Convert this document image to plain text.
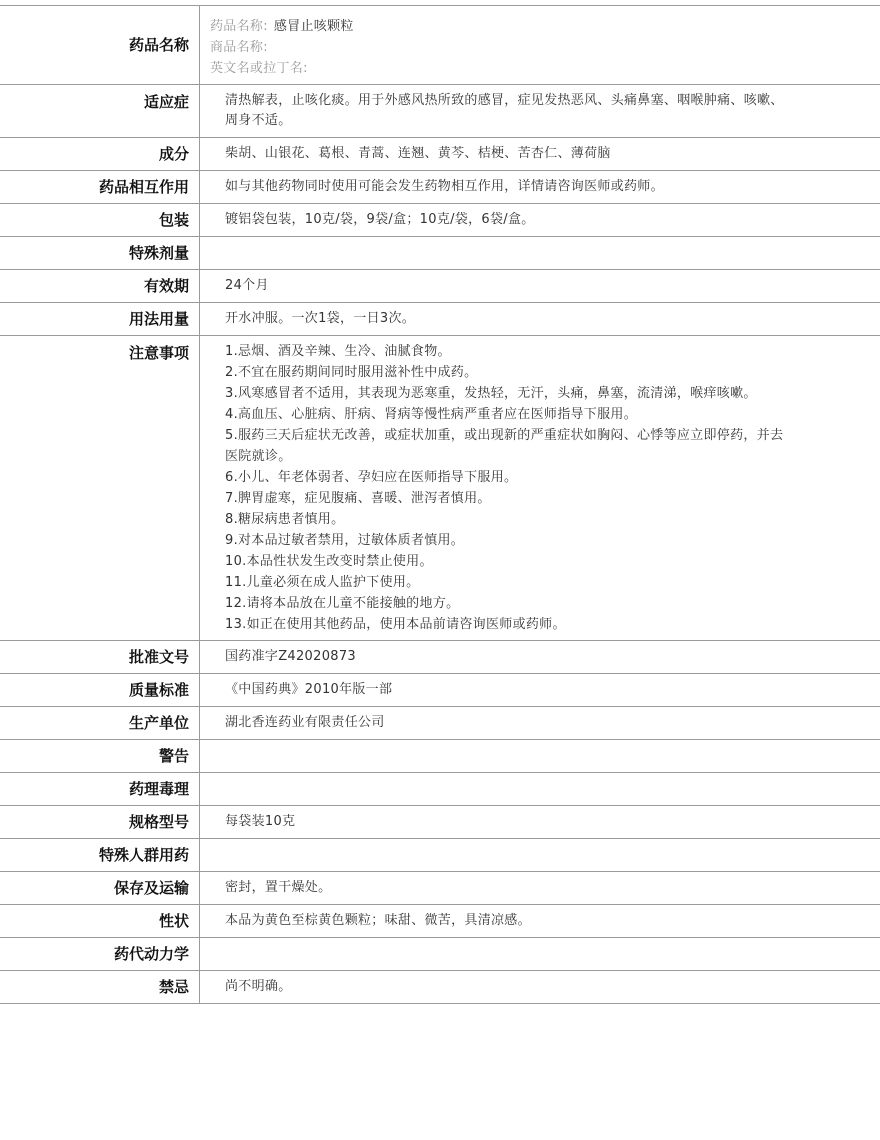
药品名称
药品名称: 感冒止咳颗粒
商品名称:
英文名或拉丁名:
适应症	清热解表，止咳化痰。用于外感风热所致的感冒，症见发热恶风、头痛鼻塞、咽喉肿痛、咳嗽、周身不适。
成分	柴胡、山银花、葛根、青蒿、连翘、黄芩、桔梗、苦杏仁、薄荷脑
药品相互作用	如与其他药物同时使用可能会发生药物相互作用，详情请咨询医师或药师。
包装	镀铝袋包装，10克/袋，9袋/盒；10克/袋，6袋/盒。
特殊剂量
有效期	24个月
用法用量	开水冲服。一次1袋，一日3次。
注意事项	1.忌烟、酒及辛辣、生冷、油腻食物。
2.不宜在服药期间同时服用滋补性中成药。
3.风寒感冒者不适用，其表现为恶寒重，发热轻，无汗，头痛，鼻塞，流清涕，喉痒咳嗽。
4.高血压、心脏病、肝病、肾病等慢性病严重者应在医师指导下服用。
5.服药三天后症状无改善，或症状加重，或出现新的严重症状如胸闷、心悸等应立即停药，并去医院就诊。
6.小儿、年老体弱者、孕妇应在医师指导下服用。
7.脾胃虚寒，症见腹痛、喜暖、泄泻者慎用。
8.糖尿病患者慎用。
9.对本品过敏者禁用，过敏体质者慎用。
10.本品性状发生改变时禁止使用。
11.儿童必须在成人监护下使用。
12.请将本品放在儿童不能接触的地方。
13.如正在使用其他药品，使用本品前请咨询医师或药师。
批准文号	国药准字Z42020873
质量标准	《中国药典》2010年版一部
生产单位	湖北香连药业有限责任公司
警告
药理毒理
规格型号	每袋装10克
特殊人群用药
保存及运输	密封，置干燥处。
性状	本品为黄色至棕黄色颗粒；味甜、微苦，具清凉感。
药代动力学
禁忌	尚不明确。
